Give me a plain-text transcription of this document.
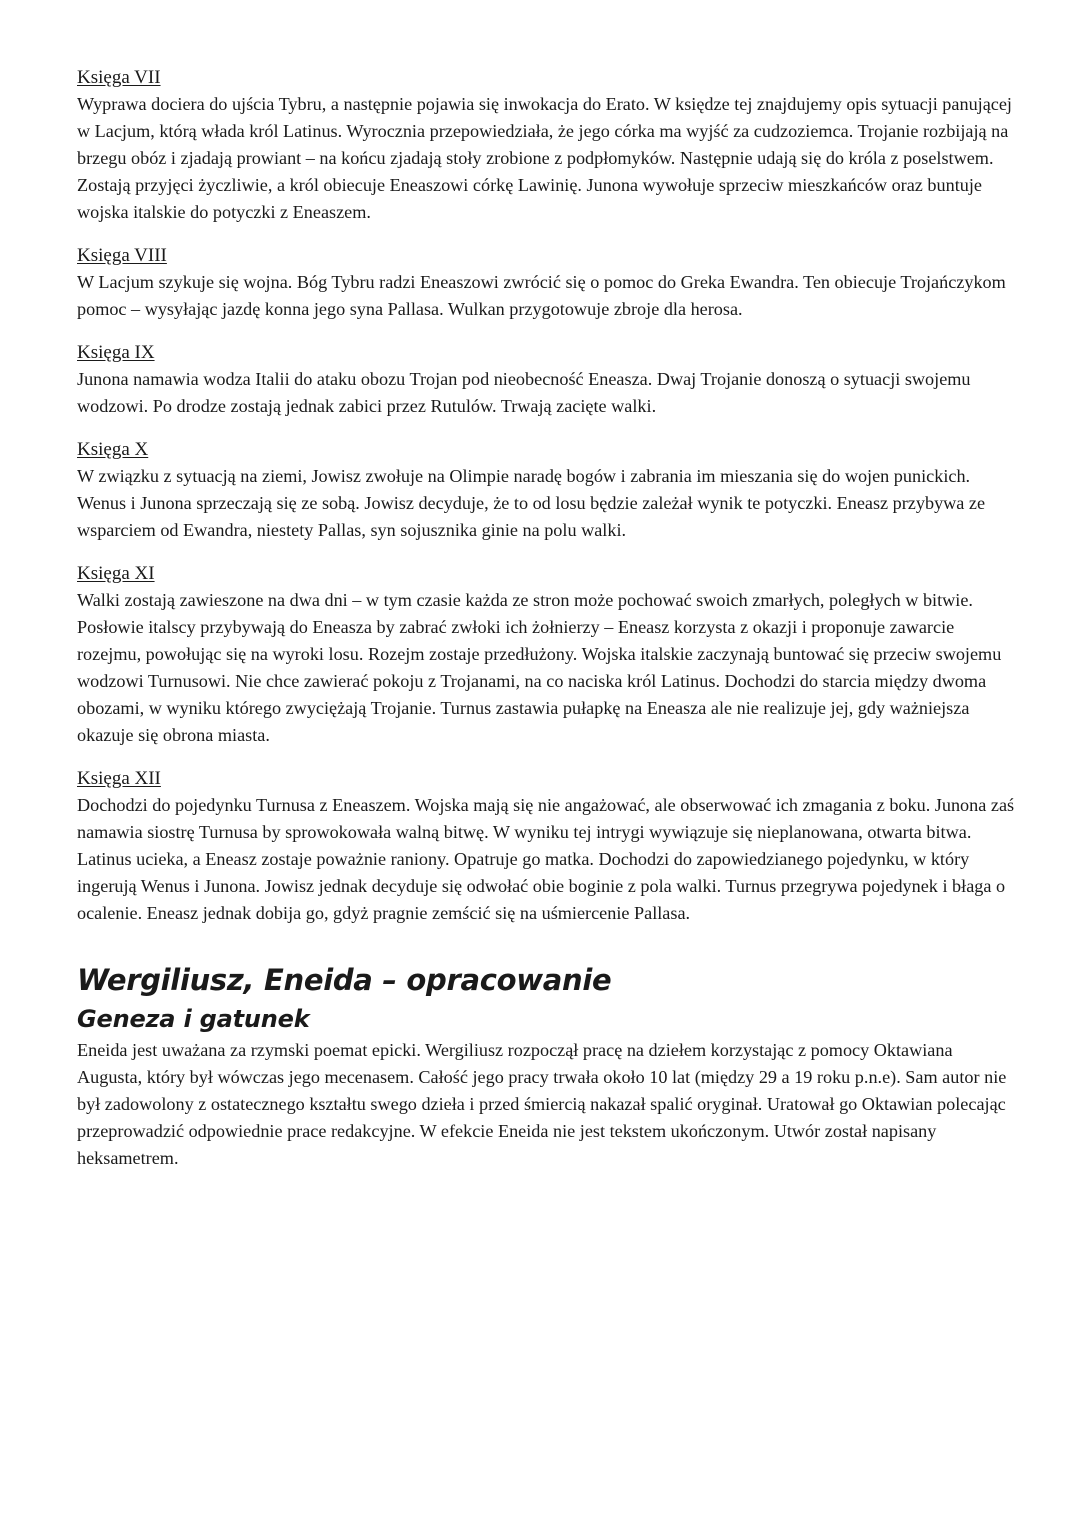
Księga VII

Wyprawa dociera do ujścia Tybru, a następnie pojawia się inwokacja do Erato. W księdze tej znajdujemy opis sytuacji panującej w Lacjum, którą włada król Latinus. Wyrocznia przepowiedziała, że jego córka ma wyjść za cudzoziemca. Trojanie rozbijają na brzegu obóz i zjadają prowiant – na końcu zjadają stoły zrobione z podpłomyków. Następnie udają się do króla z poselstwem. Zostają przyjęci życzliwie, a król obiecuje Eneaszowi córkę Lawinię. Junona wywołuje sprzeciw mieszkańców oraz buntuje wojska italskie do potyczki z Eneaszem.

Księga VIII

W Lacjum szykuje się wojna. Bóg Tybru radzi Eneaszowi zwrócić się o pomoc do Greka Ewandra. Ten obiecuje Trojańczykom pomoc – wysyłając jazdę konna jego syna Pallasa. Wulkan przygotowuje zbroje dla herosa.

Księga IX

Junona namawia wodza Italii do ataku obozu Trojan pod nieobecność Eneasza. Dwaj Trojanie donoszą o sytuacji swojemu wodzowi. Po drodze zostają jednak zabici przez Rutulów. Trwają zacięte walki.

Księga X

W związku z sytuacją na ziemi, Jowisz zwołuje na Olimpie naradę bogów i zabrania im mieszania się do wojen punickich. Wenus i Junona sprzeczają się ze sobą. Jowisz decyduje, że to od losu będzie zależał wynik te potyczki. Eneasz przybywa ze wsparciem od Ewandra, niestety Pallas, syn sojusznika ginie na polu walki.

Księga XI

Walki zostają zawieszone na dwa dni – w tym czasie każda ze stron może pochować swoich zmarłych, poległych w bitwie. Posłowie italscy przybywają do Eneasza by zabrać zwłoki ich żołnierzy – Eneasz korzysta z okazji i proponuje zawarcie rozejmu, powołując się na wyroki losu. Rozejm zostaje przedłużony. Wojska italskie zaczynają buntować się przeciw swojemu wodzowi Turnusowi. Nie chce zawierać pokoju z Trojanami, na co naciska król Latinus. Dochodzi do starcia między dwoma obozami, w wyniku którego zwyciężają Trojanie. Turnus zastawia pułapkę na Eneasza ale nie realizuje jej, gdy ważniejsza okazuje się obrona miasta.

Księga XII

Dochodzi do pojedynku Turnusa z Eneaszem. Wojska mają się nie angażować, ale obserwować ich zmagania z boku. Junona zaś namawia siostrę Turnusa by sprowokowała walną bitwę. W wyniku tej intrygi wywiązuje się nieplanowana, otwarta bitwa. Latinus ucieka, a Eneasz zostaje poważnie raniony. Opatruje go matka. Dochodzi do zapowiedzianego pojedynku, w który ingerują Wenus i Junona. Jowisz jednak decyduje się odwołać obie boginie z pola walki. Turnus przegrywa pojedynek i błaga o ocalenie. Eneasz jednak dobija go, gdyż pragnie zemścić się na uśmiercenie Pallasa.

Wergiliusz, Eneida – opracowanie
Geneza i gatunek

Eneida jest uważana za rzymski poemat epicki. Wergiliusz rozpoczął pracę na dziełem korzystając z pomocy Oktawiana Augusta, który był wówczas jego mecenasem. Całość jego pracy trwała około 10 lat (między 29 a 19 roku p.n.e). Sam autor nie był zadowolony z ostatecznego kształtu swego dzieła i przed śmiercią nakazał spalić oryginał. Uratował go Oktawian polecając przeprowadzić odpowiednie prace redakcyjne. W efekcie Eneida nie jest tekstem ukończonym. Utwór został napisany heksametrem.
